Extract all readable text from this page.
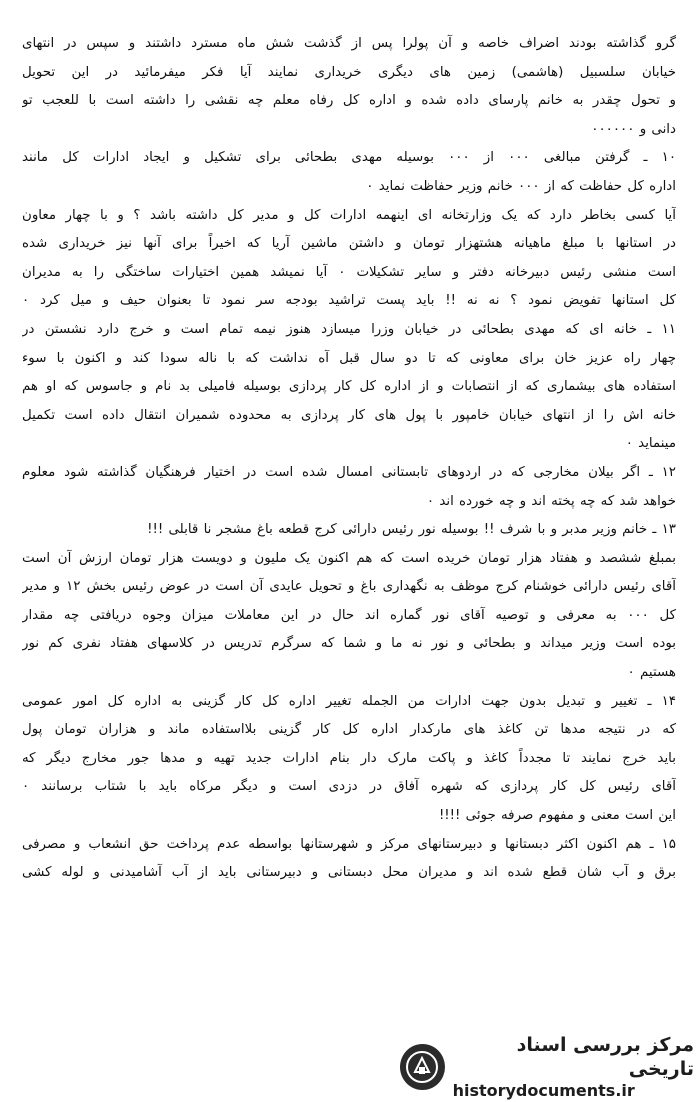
گرو گذاشته بودند اضراف خاصه و آن پولرا پس از گذشت شش ماه مسترد داشتند و سپس در انتهای
خیابان سلسبیل (هاشمی) زمین های دیگری خریداری نمایند آیا فکر میفرمائید در این تحویل
و تحول چقدر به خانم پارسای داده شده و اداره کل رفاه معلم چه نقشی را داشته است با للعجب تو
دانی و ۰۰۰۰۰۰
۱۰ ـ گرفتن مبالغی ۰۰۰ از ۰۰۰ بوسیله مهدی بطحائی برای تشکیل و ایجاد ادارات کل مانند
اداره کل حفاظت که از ۰۰۰ خانم وزیر حفاظت نماید ۰
آیا کسی بخاطر دارد که یک وزارتخانه ای اینهمه ادارات کل و مدیر کل داشته باشد ؟ و با چهار معاون
در استانها با مبلغ ماهیانه هشتهزار تومان و داشتن ماشین آریا که اخیراً برای آنها نیز خریداری شده
است منشی رئیس دبیرخانه دفتر و سایر تشکیلات ۰ آیا نمیشد همین اختیارات ساختگی را به مدیران
کل استانها تفویض نمود ؟ نه نه !! باید پست تراشید بودجه سر نمود تا بعنوان حیف و میل کرد ۰
۱۱ ـ خانه ای که مهدی بطحائی در خیابان وزرا میسازد هنوز نیمه تمام است و خرج دارد نشستن در
چهار راه عزیز خان برای معاونی که تا دو سال قبل آه نداشت که با ناله سودا کند و اکنون با سوء
استفاده های بیشماری که از انتصابات و از اداره کل کار پردازی بوسیله فامیلی بد نام و جاسوس که او هم
خانه اش را از انتهای خیابان خامپور با پول های کار پردازی به محدوده شمیران انتقال داده است تکمیل
مینماید ۰
۱۲ ـ اگر بیلان مخارجی که در اردوهای تابستانی امسال شده است در اختیار فرهنگیان گذاشته شود معلوم
خواهد شد که چه پخته اند و چه خورده اند ۰
۱۳ ـ خانم وزیر مدبر و با شرف !! بوسیله نور رئیس دارائی کرج قطعه باغ مشجر نا قابلی !!!
بمبلغ ششصد و هفتاد هزار تومان خریده است که هم اکنون یک ملیون و دویست هزار تومان ارزش آن است
آقای رئیس دارائی خوشنام کرج موظف به نگهداری باغ و تحویل عایدی آن است در عوض رئیس بخش ۱۲ و مدیر
کل ۰۰۰ به معرفی و توصیه آقای نور گماره اند حال در این معاملات میزان وجوه دریافتی چه مقدار
بوده است وزیر میداند و بطحائی و نور نه ما و شما که سرگرم تدریس در کلاسهای هفتاد نفری کم نور
هستیم ۰
۱۴ ـ تغییر و تبدیل بدون جهت ادارات من الجمله تغییر اداره کل کار گزینی به اداره کل امور عمومی
که در نتیجه مدها تن کاغذ های مارکدار اداره کل کار گزینی بلااستفاده ماند و هزاران تومان پول
باید خرج نمایند تا مجدداً کاغذ و پاکت مارک دار بنام ادارات جدید تهیه و مدها جور مخارج دیگر که
آقای رئیس کل کار پردازی که شهره آفاق در دزدی است و دیگر مرکاه باید با شتاب برسانند ۰
این است معنی و مفهوم صرفه جوئی !!!!
۱۵ ـ هم اکنون اکثر دبستانها و دبیرستانهای مرکز و شهرستانها بواسطه عدم پرداخت حق انشعاب و مصرفی
برق و آب شان قطع شده اند و مدیران محل دبستانی و دبیرستانی باید از آب آشامیدنی و لوله کشی
مرکز بررسی اسناد تاریخی
historydocuments.ir
